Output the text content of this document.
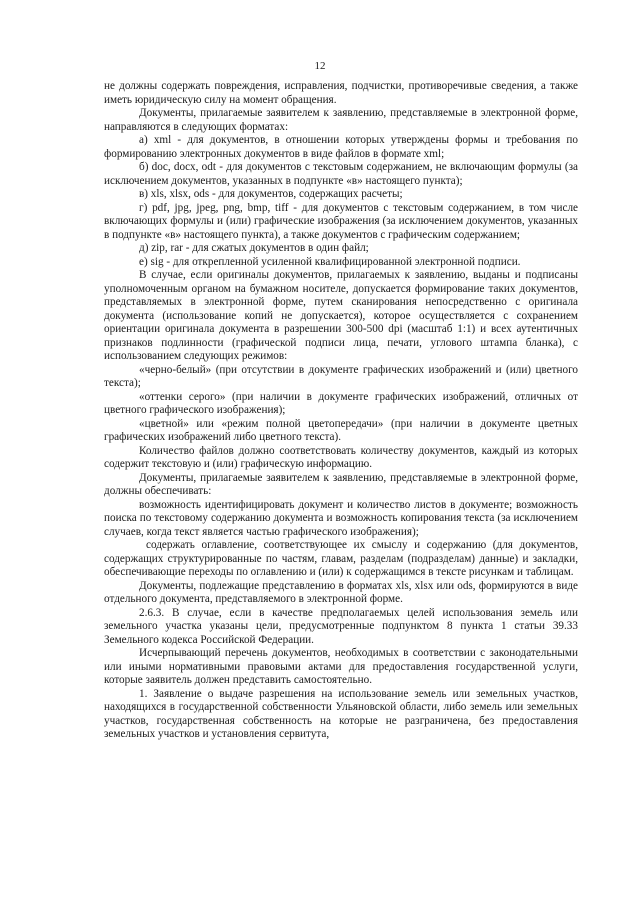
12

не должны содержать повреждения, исправления, подчистки, противоречивые сведения, а также иметь юридическую силу на момент обращения.

Документы, прилагаемые заявителем к заявлению, представляемые в электронной форме, направляются в следующих форматах:

а) xml - для документов, в отношении которых утверждены формы и требования по формированию электронных документов в виде файлов в формате xml;

б) doc, docx, odt - для документов с текстовым содержанием, не включающим формулы (за исключением документов, указанных в подпункте «в» настоящего пункта);

в) xls, xlsx, ods - для документов, содержащих расчеты;

г) pdf, jpg, jpeg, png, bmp, tiff - для документов с текстовым содержанием, в том числе включающих формулы и (или) графические изображения (за исключением документов, указанных в подпункте «в» настоящего пункта), а также документов с графическим содержанием;

д) zip, rar - для сжатых документов в один файл;

е) sig - для открепленной усиленной квалифицированной электронной подписи.

В случае, если оригиналы документов, прилагаемых к заявлению, выданы и подписаны уполномоченным органом на бумажном носителе, допускается формирование таких документов, представляемых в электронной форме, путем сканирования непосредственно с оригинала документа (использование копий не допускается), которое осуществляется с сохранением ориентации оригинала документа в разрешении 300-500 dpi (масштаб 1:1) и всех аутентичных признаков подлинности (графической подписи лица, печати, углового штампа бланка), с использованием следующих режимов:

«черно-белый» (при отсутствии в документе графических изображений и (или) цветного текста);

«оттенки серого» (при наличии в документе графических изображений, отличных от цветного графического изображения);

«цветной» или «режим полной цветопередачи» (при наличии в документе цветных графических изображений либо цветного текста).

Количество файлов должно соответствовать количеству документов, каждый из которых содержит текстовую и (или) графическую информацию.

Документы, прилагаемые заявителем к заявлению, представляемые в электронной форме, должны обеспечивать:

возможность идентифицировать документ и количество листов в документе; возможность поиска по текстовому содержанию документа и возможность копирования текста (за исключением случаев, когда текст является частью графического изображения);

содержать оглавление, соответствующее их смыслу и содержанию (для документов, содержащих структурированные по частям, главам, разделам (подразделам) данные) и закладки, обеспечивающие переходы по оглавлению и (или) к содержащимся в тексте рисункам и таблицам.

Документы, подлежащие представлению в форматах xls, xlsx или ods, формируются в виде отдельного документа, представляемого в электронной форме.

2.6.3. В случае, если в качестве предполагаемых целей использования земель или земельного участка указаны цели, предусмотренные подпунктом 8 пункта 1 статьи 39.33 Земельного кодекса Российской Федерации.

Исчерпывающий перечень документов, необходимых в соответствии с законодательными или иными нормативными правовыми актами для предоставления государственной услуги, которые заявитель должен представить самостоятельно.

1. Заявление о выдаче разрешения на использование земель или земельных участков, находящихся в государственной собственности Ульяновской области, либо земель или земельных участков, государственная собственность на которые не разграничена, без предоставления земельных участков и установления сервитута,
